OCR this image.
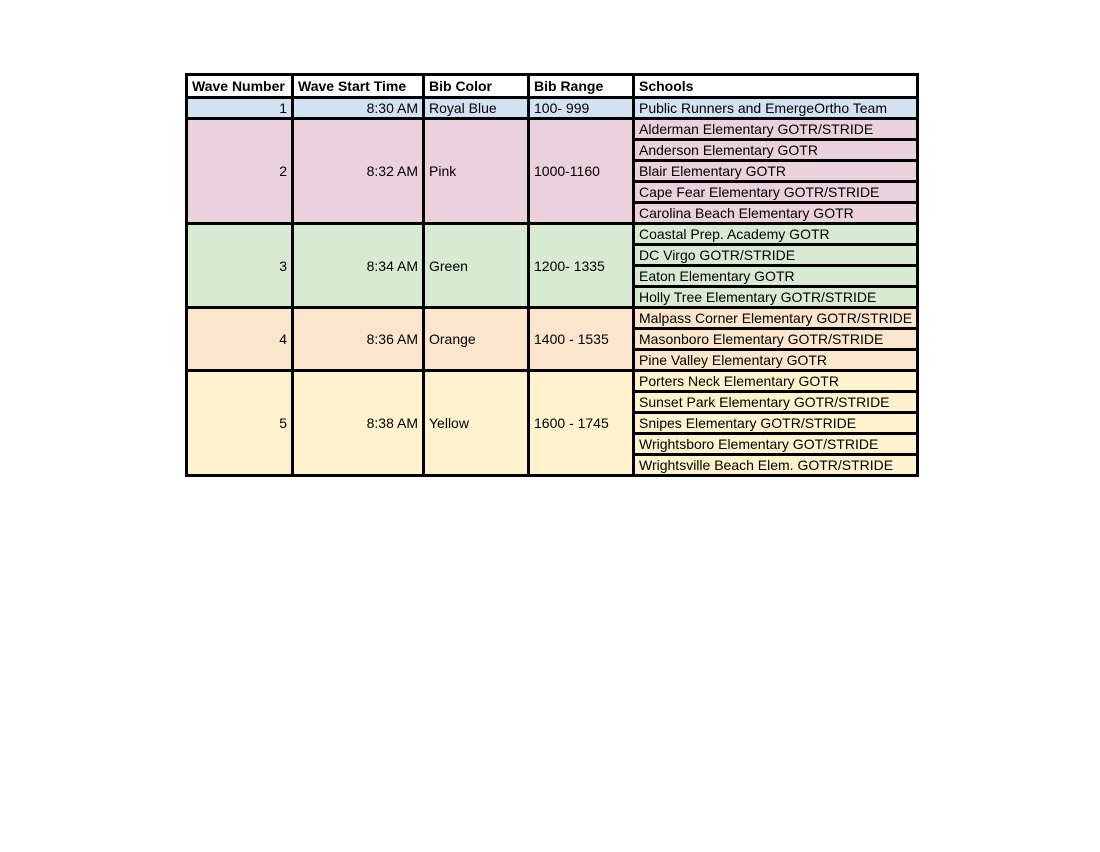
Wave Number	Wave Start Time	Bib Color	Bib Range	Schools
1	8:30 AM	Royal Blue	100- 999	Public Runners and EmergeOrtho Team
2	8:32 AM	Pink	1000-1160	Alderman Elementary GOTR/STRIDE
				Anderson Elementary GOTR
				Blair Elementary GOTR
				Cape Fear Elementary GOTR/STRIDE
				Carolina Beach Elementary GOTR
3	8:34 AM	Green	1200- 1335	Coastal Prep. Academy GOTR
				DC Virgo GOTR/STRIDE
				Eaton Elementary GOTR
				Holly Tree Elementary GOTR/STRIDE
4	8:36 AM	Orange	1400 - 1535	Malpass Corner Elementary GOTR/STRIDE
				Masonboro Elementary GOTR/STRIDE
				Pine Valley Elementary GOTR
5	8:38 AM	Yellow	1600 - 1745	Porters Neck Elementary GOTR
				Sunset Park Elementary GOTR/STRIDE
				Snipes Elementary GOTR/STRIDE
				Wrightsboro Elementary GOT/STRIDE
				Wrightsville Beach Elem. GOTR/STRIDE
